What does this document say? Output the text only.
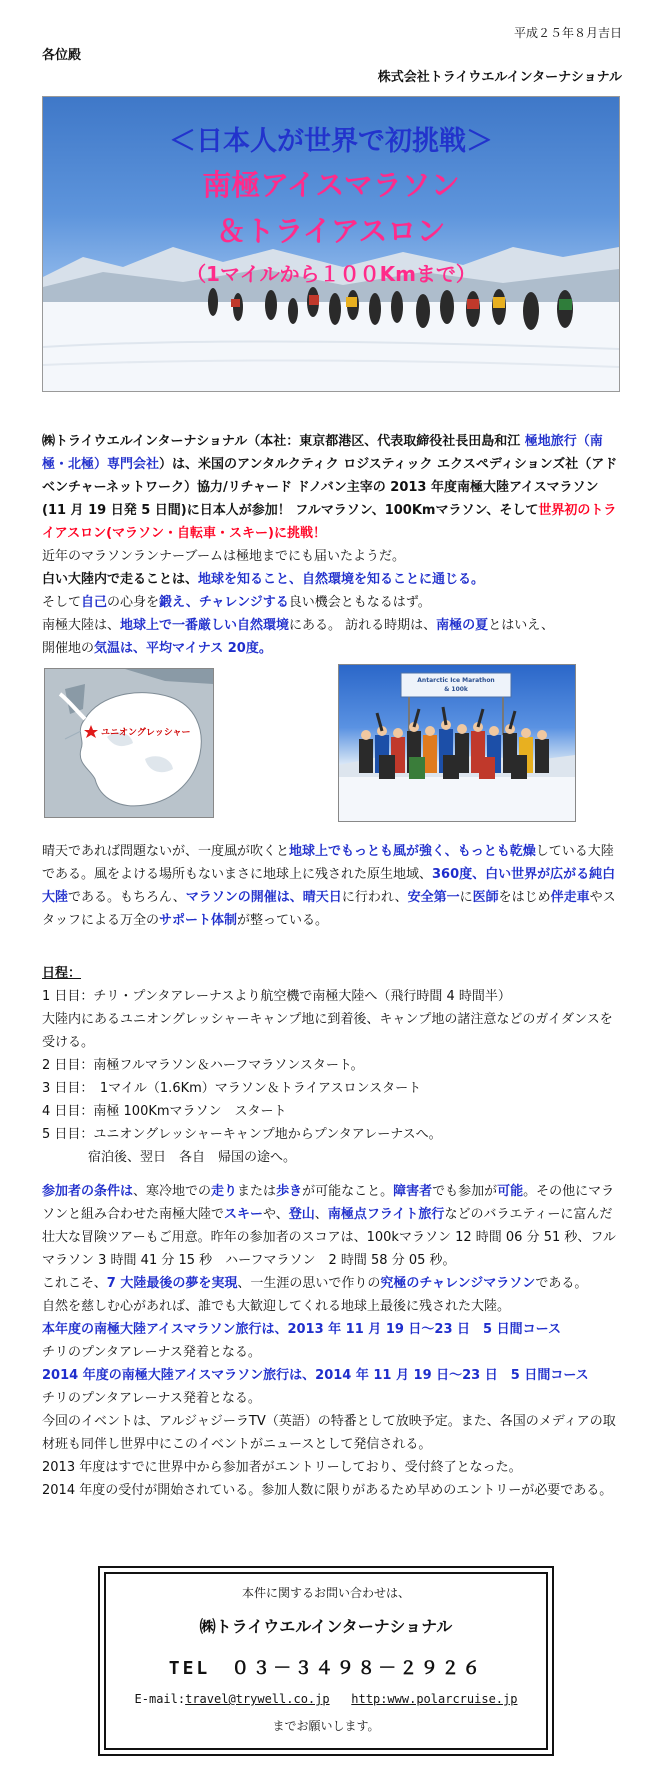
平成２５年８月吉日
各位殿
株式会社トライウエルインターナショナル
＜日本人が世界で初挑戦＞
南極アイスマラソン
＆トライアスロン
（1マイルから１００Kmまで）

㈱トライウエルインターナショナル（本社：東京都港区、代表取締役社長田島和江 極地旅行（南極・北極）専門会社）は、米国のアンタルクティク ロジスティック エクスペディションズ社（アドベンチャーネットワーク）協力/リチャード ドノバン主宰の 2013 年度南極大陸アイスマラソン(11 月 19 日発 5 日間)に日本人が参加！ フルマラソン、100Kmマラソン、そして世界初のトライアスロン(マラソン・自転車・スキー)に挑戦！

近年のマラソンランナーブームは極地までにも届いたようだ。

白い大陸内で走ることは、地球を知ること、自然環境を知ることに通じる。

そして自己の心身を鍛え、チャレンジする良い機会ともなるはず。

南極大陸は、地球上で一番厳しい自然環境にある。 訪れる時期は、南極の夏とはいえ、

開催地の気温は、平均マイナス 20度。

ユニオングレッシャー
Antarctic Ice Marathon
& 100k

晴天であれば問題ないが、一度風が吹くと地球上でもっとも風が強く、もっとも乾燥している大陸である。風をよける場所もないまさに地球上に残された原生地域、360度、白い世界が広がる純白大陸である。もちろん、マラソンの開催は、晴天日に行われ、安全第一に医師をはじめ伴走車やスタッフによる万全のサポート体制が整っている。

日程：

1 日目：チリ・プンタアレーナスより航空機で南極大陸へ（飛行時間 4 時間半）

大陸内にあるユニオングレッシャーキャンプ地に到着後、キャンプ地の諸注意などのガイダンスを受ける。

2 日目：南極フルマラソン＆ハーフマラソンスタート。

3 日目：　1マイル（1.6Km）マラソン＆トライアスロンスタート

4 日目：南極 100Kmマラソン　スタート

5 日目：ユニオングレッシャーキャンプ地からプンタアレーナスへ。

宿泊後、翌日　各自　帰国の途へ。

参加者の条件は、寒冷地での走りまたは歩きが可能なこと。障害者でも参加が可能。その他にマラソンと組み合わせた南極大陸でスキーや、登山、南極点フライト旅行などのバラエティーに富んだ壮大な冒険ツアーもご用意。昨年の参加者のスコアは、100kマラソン 12 時間 06 分 51 秒、フルマラソン 3 時間 41 分 15 秒　ハーフマラソン　2 時間 58 分 05 秒。

これこそ、7 大陸最後の夢を実現、一生涯の思いで作りの究極のチャレンジマラソンである。

自然を慈しむ心があれば、誰でも大歓迎してくれる地球上最後に残された大陸。

本年度の南極大陸アイスマラソン旅行は、2013 年 11 月 19 日～23 日　5 日間コース

チリのプンタアレーナス発着となる。

2014 年度の南極大陸アイスマラソン旅行は、2014 年 11 月 19 日～23 日　5 日間コース

チリのプンタアレーナス発着となる。

今回のイベントは、アルジャジーラTV（英語）の特番として放映予定。また、各国のメディアの取材班も同伴し世界中にこのイベントがニュースとして発信される。

2013 年度はすでに世界中から参加者がエントリーしており、受付終了となった。

2014 年度の受付が開始されている。参加人数に限りがあるため早めのエントリーが必要である。

本件に関するお問い合わせは、
㈱トライウエルインターナショナル
TEL　０３－３４９８－２９２６
E-mail:travel@trywell.co.jp http:www.polarcruise.jp
までお願いします。
